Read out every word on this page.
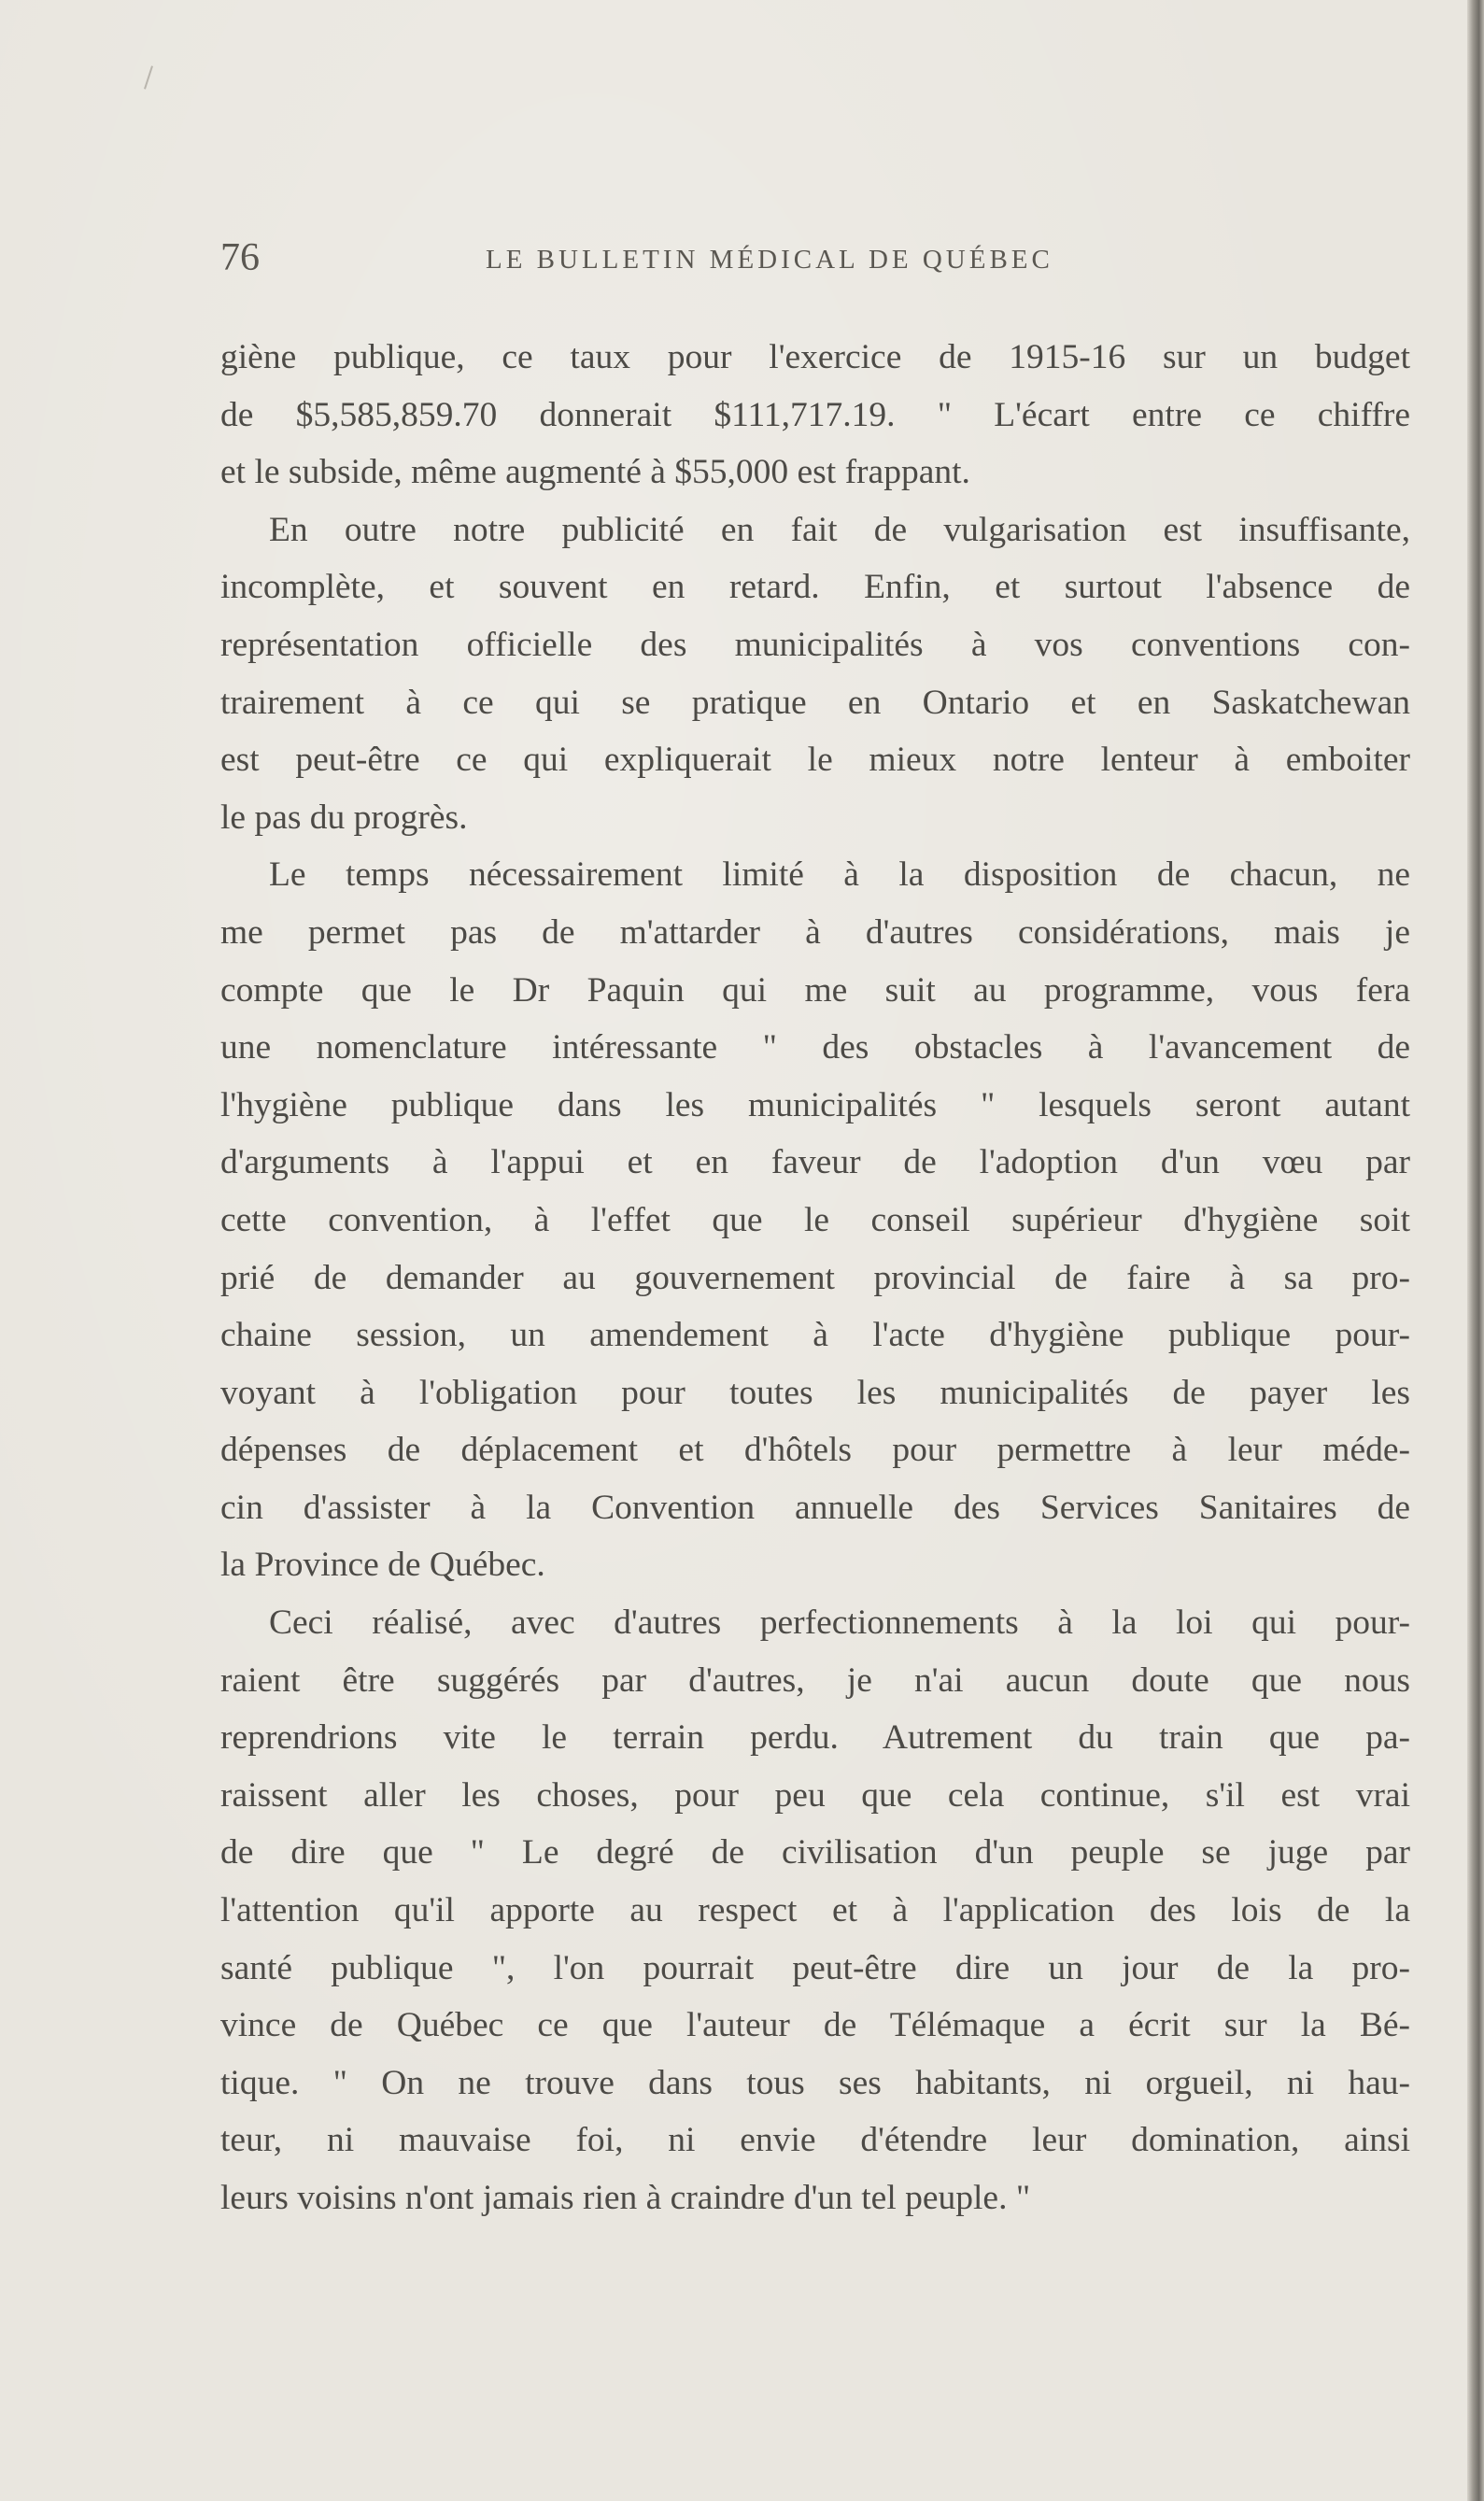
76	LE BULLETIN MÉDICAL DE QUÉBEC
giène publique, ce taux pour l'exercice de 1915-16 sur un budget
de $5,585,859.70 donnerait $111,717.19. " L'écart entre ce chiffre
et le subside, même augmenté à $55,000 est frappant.
En outre notre publicité en fait de vulgarisation est insuffisante,
incomplète, et souvent en retard. Enfin, et surtout l'absence de
représentation officielle des municipalités à vos conventions con-
trairement à ce qui se pratique en Ontario et en Saskatchewan
est peut-être ce qui expliquerait le mieux notre lenteur à emboiter
le pas du progrès.
Le temps nécessairement limité à la disposition de chacun, ne
me permet pas de m'attarder à d'autres considérations, mais je
compte que le Dr Paquin qui me suit au programme, vous fera
une nomenclature intéressante " des obstacles à l'avancement de
l'hygiène publique dans les municipalités " lesquels seront autant
d'arguments à l'appui et en faveur de l'adoption d'un vœu par
cette convention, à l'effet que le conseil supérieur d'hygiène soit
prié de demander au gouvernement provincial de faire à sa pro-
chaine session, un amendement à l'acte d'hygiène publique pour-
voyant à l'obligation pour toutes les municipalités de payer les
dépenses de déplacement et d'hôtels pour permettre à leur méde-
cin d'assister à la Convention annuelle des Services Sanitaires de
la Province de Québec.
Ceci réalisé, avec d'autres perfectionnements à la loi qui pour-
raient être suggérés par d'autres, je n'ai aucun doute que nous
reprendrions vite le terrain perdu. Autrement du train que pa-
raissent aller les choses, pour peu que cela continue, s'il est vrai
de dire que " Le degré de civilisation d'un peuple se juge par
l'attention qu'il apporte au respect et à l'application des lois de la
santé publique ", l'on pourrait peut-être dire un jour de la pro-
vince de Québec ce que l'auteur de Télémaque a écrit sur la Bé-
tique. " On ne trouve dans tous ses habitants, ni orgueil, ni hau-
teur, ni mauvaise foi, ni envie d'étendre leur domination, ainsi
leurs voisins n'ont jamais rien à craindre d'un tel peuple. "
